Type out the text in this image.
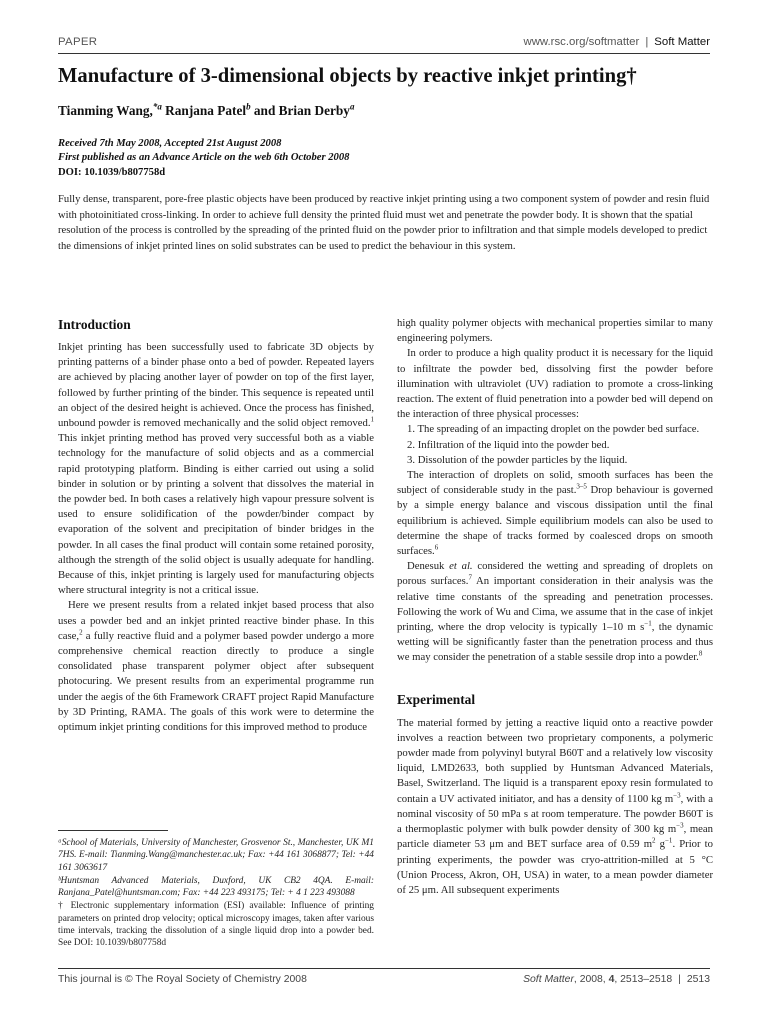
PAPER	www.rsc.org/softmatter | Soft Matter
Manufacture of 3-dimensional objects by reactive inkjet printing†

Tianming Wang,$^{*a}$ Ranjana Patel$^b$ and Brian Derby$^a$

Received 7th May 2008, Accepted 21st August 2008
First published as an Advance Article on the web 6th October 2008
DOI: 10.1039/b807758d

Fully dense, transparent, pore-free plastic objects have been produced by reactive inkjet printing using a two component system of powder and resin fluid with photoinitiated cross-linking. In order to achieve full density the printed fluid must wet and penetrate the powder body. It is shown that the spatial resolution of the process is controlled by the spreading of the printed fluid on the powder prior to infiltration and that simple models developed to predict the dimensions of inkjet printed lines on solid substrates can be used to predict the behaviour in this system.

Introduction

Inkjet printing has been successfully used to fabricate 3D objects by printing patterns of a binder phase onto a bed of powder. Repeated layers are achieved by placing another layer of powder on top of the first layer, followed by further printing of the binder. This sequence is repeated until an object of the desired height is achieved. Once the process has finished, unbound powder is removed mechanically and the solid object removed.$^1$ This inkjet printing method has proved very successful both as a viable technology for the manufacture of solid objects and as a commercial rapid prototyping platform. Binding is either carried out using a solid binder in solution or by printing a solvent that dissolves the material in the powder bed. In both cases a relatively high vapour pressure solvent is used to ensure solidification of the powder/binder compact by evaporation of the solvent and precipitation of binder bridges in the powder. In all cases the final product will contain some retained porosity, although the strength of the solid object is usually adequate for handling. Because of this, inkjet printing is largely used for manufacturing objects where structural integrity is not a critical issue.

Here we present results from a related inkjet based process that also uses a powder bed and an inkjet printed reactive binder phase. In this case,$^2$ a fully reactive fluid and a polymer based powder undergo a more comprehensive chemical reaction directly to produce a single consolidated phase transparent polymer object after subsequent photocuring. We present results from an experimental programme run under the aegis of the 6th Framework CRAFT project Rapid Manufacture by 3D Printing, RAMA. The goals of this work were to determine the optimum inkjet printing conditions for this improved method to produce

ᵃSchool of Materials, University of Manchester, Grosvenor St., Manchester, UK M1 7HS. E-mail: Tianming.Wang@manchester.ac.uk; Fax: +44 161 3068877; Tel: +44 161 3063617

ᵇHuntsman Advanced Materials, Duxford, UK CB2 4QA. E-mail: Ranjana_Patel@huntsman.com; Fax: +44 223 493175; Tel: + 4 1 223 493088

† Electronic supplementary information (ESI) available: Influence of printing parameters on printed drop velocity; optical microscopy images, taken after various time intervals, tracking the dissolution of a single liquid drop into a powder bed. See DOI: 10.1039/b807758d

high quality polymer objects with mechanical properties similar to many engineering polymers.

In order to produce a high quality product it is necessary for the liquid to infiltrate the powder bed, dissolving first the powder before illumination with ultraviolet (UV) radiation to promote a cross-linking reaction. The extent of fluid penetration into a powder bed will depend on the interaction of three physical processes:

1. The spreading of an impacting droplet on the powder bed surface.

2. Infiltration of the liquid into the powder bed.

3. Dissolution of the powder particles by the liquid.

The interaction of droplets on solid, smooth surfaces has been the subject of considerable study in the past.$^{3-5}$ Drop behaviour is governed by a simple energy balance and viscous dissipation until the final equilibrium is achieved. Simple equilibrium models can also be used to determine the shape of tracks formed by coalesced drops on smooth surfaces.$^6$

Denesuk et al. considered the wetting and spreading of droplets on porous surfaces.$^7$ An important consideration in their analysis was the relative time constants of the spreading and penetration processes. Following the work of Wu and Cima, we assume that in the case of inkjet printing, where the drop velocity is typically 1–10 m $s^{-1}$, the dynamic wetting will be significantly faster than the penetration process and thus we may consider the penetration of a stable sessile drop into a powder.$^8$

Experimental

The material formed by jetting a reactive liquid onto a reactive powder involves a reaction between two proprietary components, a polymeric powder made from polyvinyl butyral B60T and a relatively low viscosity liquid, LMD2633, both supplied by Huntsman Advanced Materials, Basel, Switzerland. The liquid is a transparent epoxy resin formulated to contain a UV activated initiator, and has a density of 1100 kg $m^{-3}$, with a nominal viscosity of 50 mPa s at room temperature. The powder B60T is a thermoplastic polymer with bulk powder density of 300 kg $m^{-3}$, mean particle diameter 53 μm and BET surface area of 0.59 $m^2$ $g^{-1}$. Prior to printing experiments, the powder was cryo-attrition-milled at 5 °C (Union Process, Akron, OH, USA) in water, to a mean powder diameter of 25 μm. All subsequent experiments

This journal is © The Royal Society of Chemistry 2008	Soft Matter, 2008, 4, 2513–2518 | 2513
